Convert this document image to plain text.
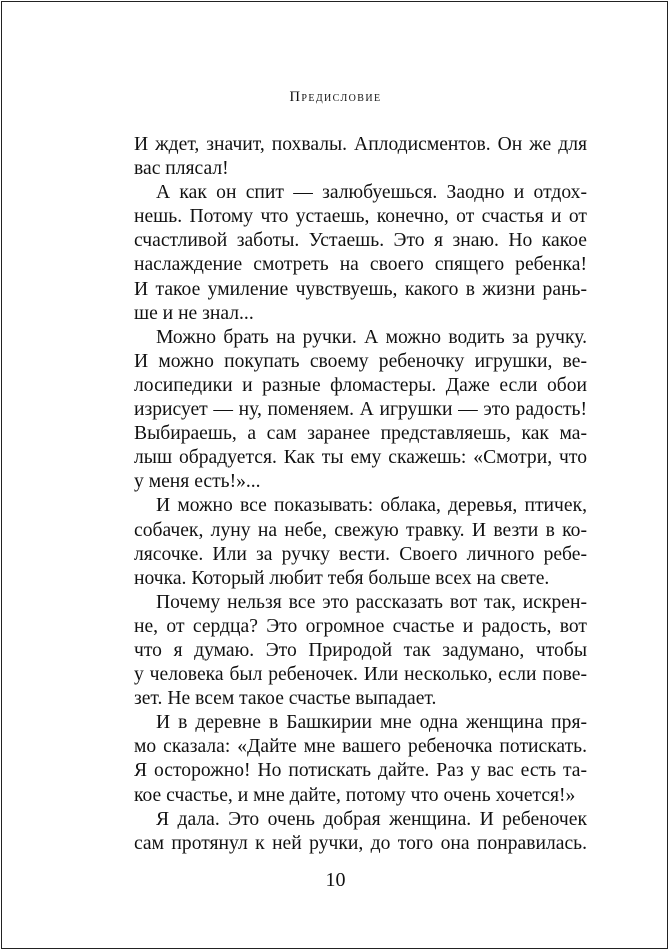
Предисловие

И ждет, значит, похвалы. Аплодисментов. Он же для
вас плясал!

А как он спит — залюбуешься. Заодно и отдох-
нешь. Потому что устаешь, конечно, от счастья и от
счастливой заботы. Устаешь. Это я знаю. Но какое
наслаждение смотреть на своего спящего ребенка!
И такое умиление чувствуешь, какого в жизни рань-
ше и не знал...

Можно брать на ручки. А можно водить за ручку.
И можно покупать своему ребеночку игрушки, ве-
лосипедики и разные фломастеры. Даже если обои
изрисует — ну, поменяем. А игрушки — это радость!
Выбираешь, а сам заранее представляешь, как ма-
лыш обрадуется. Как ты ему скажешь: «Смотри, что
у меня есть!»...

И можно все показывать: облака, деревья, птичек,
собачек, луну на небе, свежую травку. И везти в ко-
лясочке. Или за ручку вести. Своего личного ребе-
ночка. Который любит тебя больше всех на свете.

Почему нельзя все это рассказать вот так, искрен-
не, от сердца? Это огромное счастье и радость, вот
что я думаю. Это Природой так задумано, чтобы
у человека был ребеночек. Или несколько, если пове-
зет. Не всем такое счастье выпадает.

И в деревне в Башкирии мне одна женщина пря-
мо сказала: «Дайте мне вашего ребеночка потискать.
Я осторожно! Но потискать дайте. Раз у вас есть та-
кое счастье, и мне дайте, потому что очень хочется!»

Я дала. Это очень добрая женщина. И ребеночек
сам протянул к ней ручки, до того она понравилась.

10
